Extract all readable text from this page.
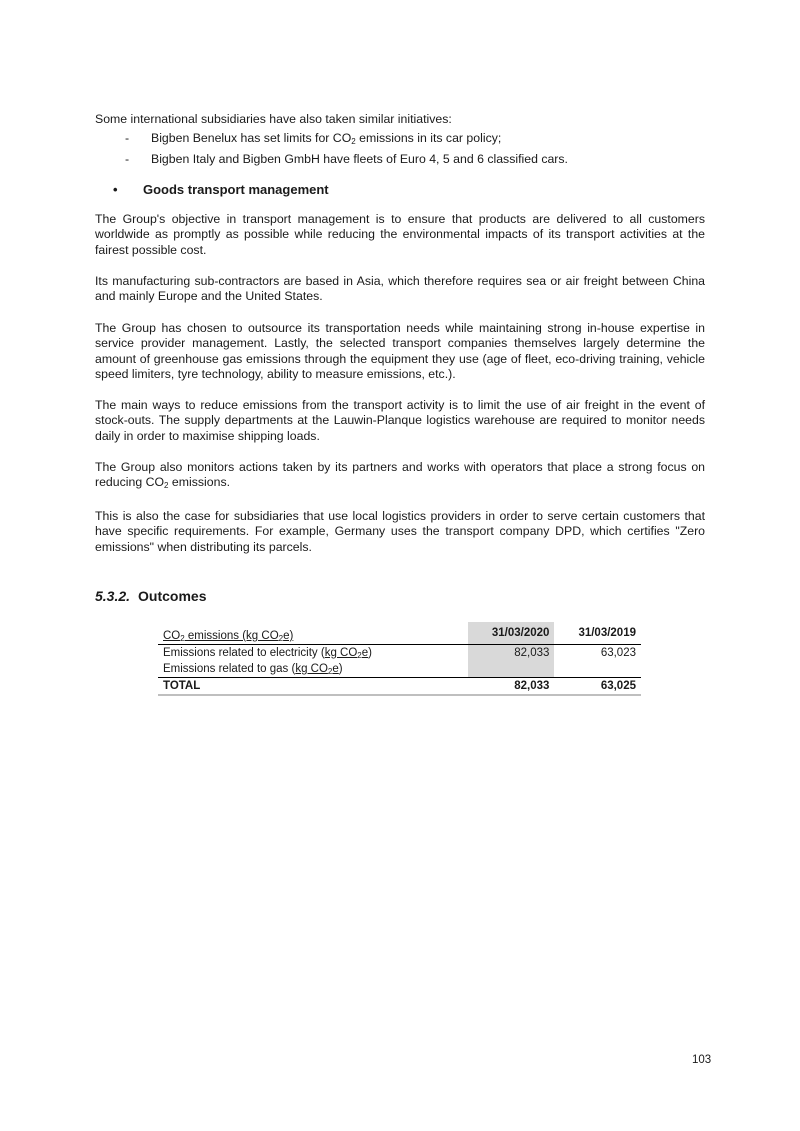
Some international subsidiaries have also taken similar initiatives:

- Bigben Benelux has set limits for $CO_2$ emissions in its car policy;
- Bigben Italy and Bigben GmbH have fleets of Euro 4, 5 and 6 classified cars.
• Goods transport management

The Group's objective in transport management is to ensure that products are delivered to all customers worldwide as promptly as possible while reducing the environmental impacts of its transport activities at the fairest possible cost.

Its manufacturing sub-contractors are based in Asia, which therefore requires sea or air freight between China and mainly Europe and the United States.

The Group has chosen to outsource its transportation needs while maintaining strong in-house expertise in service provider management. Lastly, the selected transport companies themselves largely determine the amount of greenhouse gas emissions through the equipment they use (age of fleet, eco-driving training, vehicle speed limiters, tyre technology, ability to measure emissions, etc.).

The main ways to reduce emissions from the transport activity is to limit the use of air freight in the event of stock-outs. The supply departments at the Lauwin-Planque logistics warehouse are required to monitor needs daily in order to maximise shipping loads.

The Group also monitors actions taken by its partners and works with operators that place a strong focus on reducing $CO_2$ emissions.

This is also the case for subsidiaries that use local logistics providers in order to serve certain customers that have specific requirements. For example, Germany uses the transport company DPD, which certifies "Zero emissions" when distributing its parcels.

5.3.2. Outcomes
$CO_2$ emissions (kg $CO_2e$)	31/03/2020	31/03/2019
Emissions related to electricity (kg $CO_2e$)	82,033	63,023
Emissions related to gas (kg $CO_2e$)		
TOTAL	82,033	63,025
103
